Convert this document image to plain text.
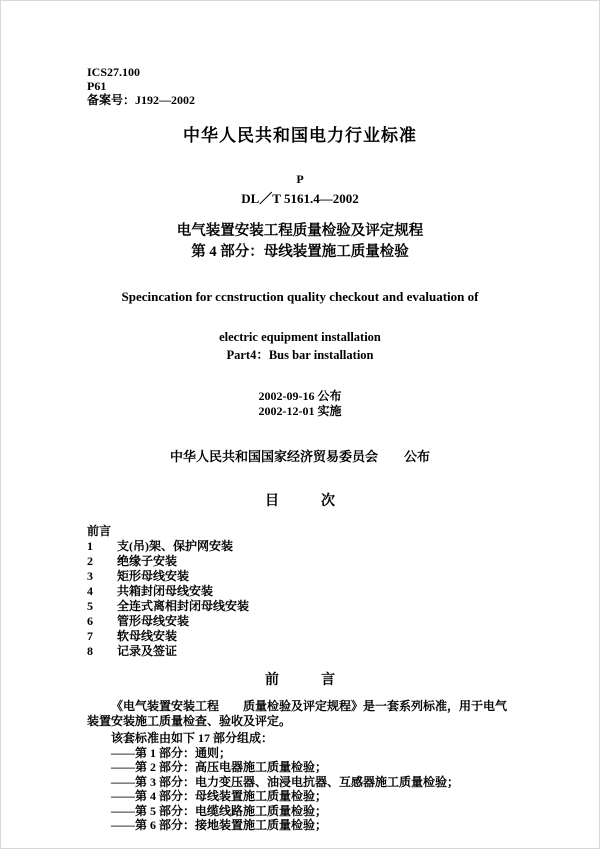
ICS27.100
P61
备案号：J192—2002
中华人民共和国电力行业标准
P
DL／T 5161.4—2002
电气装置安装工程质量检验及评定规程
第 4 部分：母线装置施工质量检验
Specincation for ccnstruction quality checkout and evaluation of
electric equipment installation
Part4：Bus bar installation
2002-09-16 公布
2002-12-01 实施
中华人民共和国国家经济贸易委员会　　公布
目　　　次
前言
1	支(吊)架、保护网安装
2	绝缘子安装
3	矩形母线安装
4	共箱封闭母线安装
5	全连式离相封闭母线安装
6	管形母线安装
7	软母线安装
8	记录及签证
前　　　言
《电气装置安装工程　　质量检验及评定规程》是一套系列标准，用于电气装置安装施工质量检查、验收及评定。
该套标准由如下 17 部分组成：
——第 1 部分：通则；
——第 2 部分：高压电器施工质量检验；
——第 3 部分：电力变压器、油浸电抗器、互感器施工质量检验；
——第 4 部分：母线装置施工质量检验；
——第 5 部分：电缆线路施工质量检验；
——第 6 部分：接地装置施工质量检验；
